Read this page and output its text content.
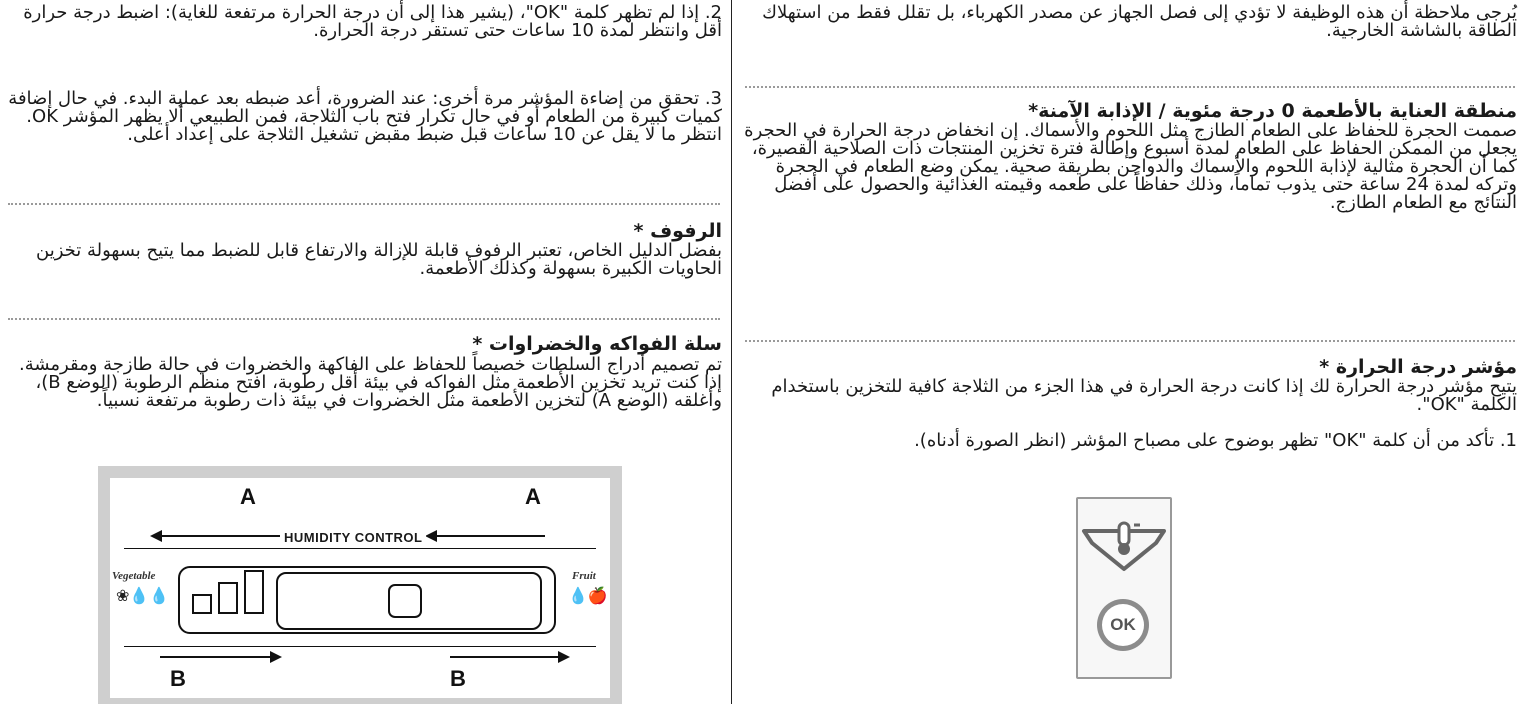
2. إذا لم تظهر كلمة "OK"، (يشير هذا إلى أن درجة الحرارة مرتفعة للغاية): اضبط درجة حرارة أقل وانتظر لمدة 10 ساعات حتى تستقر درجة الحرارة.

3. تحقق من إضاءة المؤشر مرة أخرى: عند الضرورة، أعد ضبطه بعد عملية البدء. في حال إضافة كميات كبيرة من الطعام أو في حال تكرار فتح باب الثلاجة، فمن الطبيعي ألا يظهر المؤشر OK. انتظر ما لا يقل عن 10 ساعات قبل ضبط مقبض تشغيل الثلاجة على إعداد أعلى.

الرفوف *

بفضل الدليل الخاص، تعتبر الرفوف قابلة للإزالة والارتفاع قابل للضبط مما يتيح بسهولة تخزين الحاويات الكبيرة بسهولة وكذلك الأطعمة.

سلة الفواكه والخضراوات *

تم تصميم أدراج السلطات خصيصاً للحفاظ على الفاكهة والخضروات في حالة طازجة ومقرمشة. إذا كنت تريد تخزين الأطعمة مثل الفواكه في بيئة أقل رطوبة، افتح منظم الرطوبة (الوضع B)، وأغلقه (الوضع A) لتخزين الأطعمة مثل الخضروات في بيئة ذات رطوبة مرتفعة نسبياً.

A	A
HUMIDITY CONTROL
Vegetable
❀💧💧
Fruit
💧🍎
B	B

يُرجى ملاحظة أن هذه الوظيفة لا تؤدي إلى فصل الجهاز عن مصدر الكهرباء، بل تقلل فقط من استهلاك الطاقة بالشاشة الخارجية.

منطقة العناية بالأطعمة 0 درجة مئوية / الإذابة الآمنة*

صممت الحجرة للحفاظ على الطعام الطازج مثل اللحوم والأسماك. إن انخفاض درجة الحرارة في الحجرة يجعل من الممكن الحفاظ على الطعام لمدة أسبوع وإطالة فترة تخزين المنتجات ذات الصلاحية القصيرة، كما أن الحجرة مثالية لإذابة اللحوم والأسماك والدواجن بطريقة صحية. يمكن وضع الطعام في الحجرة وتركه لمدة 24 ساعة حتى يذوب تماماً، وذلك حفاظاً على طعمه وقيمته الغذائية والحصول على أفضل النتائج مع الطعام الطازج.

مؤشر درجة الحرارة *

يتيح مؤشر درجة الحرارة لك إذا كانت درجة الحرارة في هذا الجزء من الثلاجة كافية للتخزين باستخدام الكلمة "OK".

1. تأكد من أن كلمة "OK" تظهر بوضوح على مصباح المؤشر (انظر الصورة أدناه).

OK
